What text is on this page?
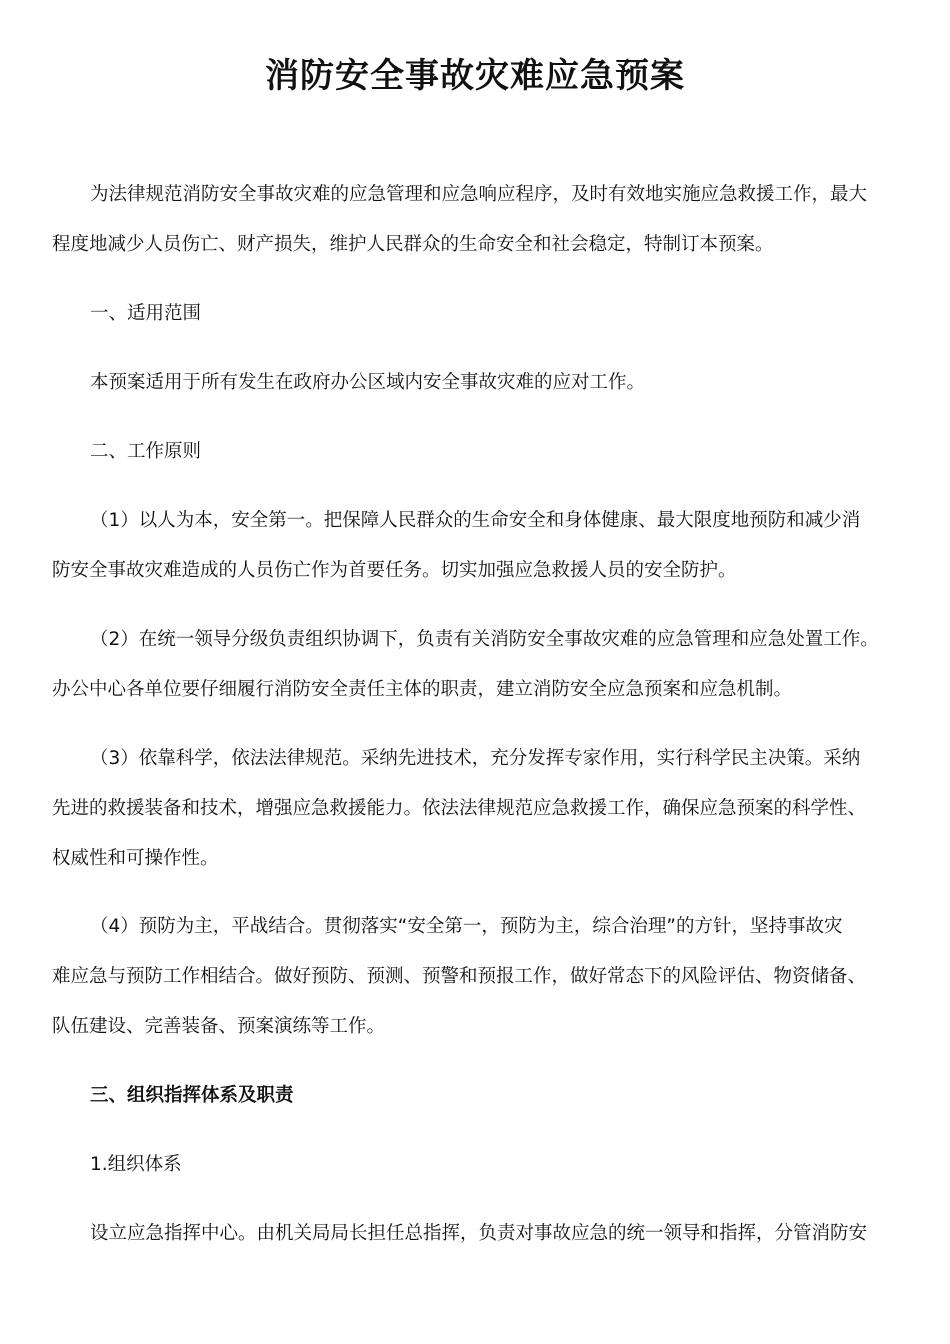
消防安全事故灾难应急预案
为法律规范消防安全事故灾难的应急管理和应急响应程序，及时有效地实施应急救援工作，最大
程度地减少人员伤亡、财产损失，维护人民群众的生命安全和社会稳定，特制订本预案。
一、适用范围
本预案适用于所有发生在政府办公区域内安全事故灾难的应对工作。
二、工作原则
（1）以人为本，安全第一。把保障人民群众的生命安全和身体健康、最大限度地预防和减少消
防安全事故灾难造成的人员伤亡作为首要任务。切实加强应急救援人员的安全防护。
（2）在统一领导分级负责组织协调下，负责有关消防安全事故灾难的应急管理和应急处置工作。
办公中心各单位要仔细履行消防安全责任主体的职责，建立消防安全应急预案和应急机制。
（3）依靠科学，依法法律规范。采纳先进技术，充分发挥专家作用，实行科学民主决策。采纳
先进的救援装备和技术，增强应急救援能力。依法法律规范应急救援工作，确保应急预案的科学性、
权威性和可操作性。
（4）预防为主，平战结合。贯彻落实“安全第一，预防为主，综合治理”的方针，坚持事故灾
难应急与预防工作相结合。做好预防、预测、预警和预报工作，做好常态下的风险评估、物资储备、
队伍建设、完善装备、预案演练等工作。
三、组织指挥体系及职责
1.组织体系
设立应急指挥中心。由机关局局长担任总指挥，负责对事故应急的统一领导和指挥，分管消防安
